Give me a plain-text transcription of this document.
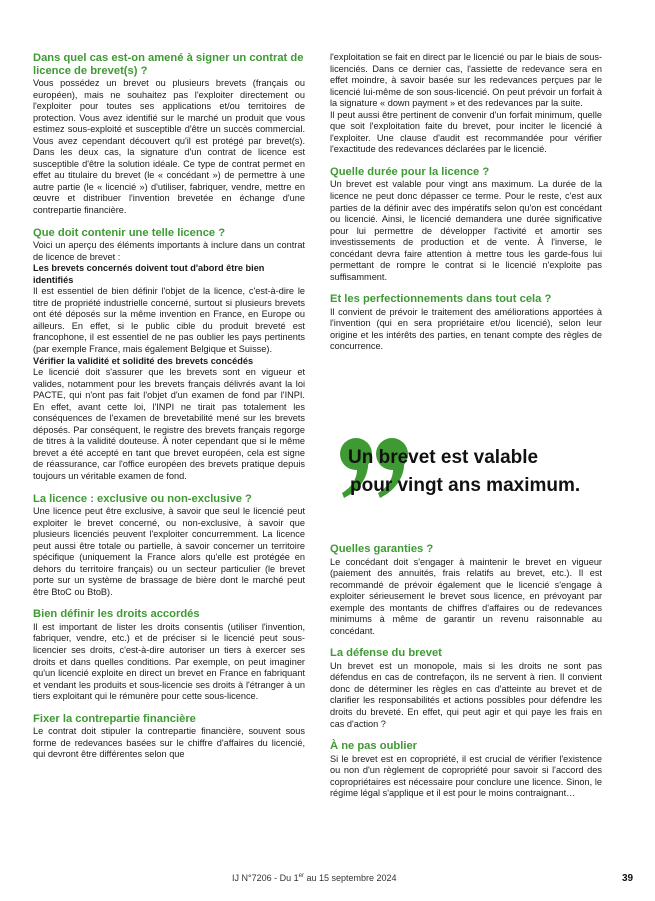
Dans quel cas est-on amené à signer un contrat de licence de brevet(s) ?

Vous possédez un brevet ou plusieurs brevets (français ou européen), mais ne souhaitez pas l'exploiter directement ou l'exploiter pour toutes ses applications et/ou territoires de protection. Vous avez identifié sur le marché un produit que vous estimez sous-exploité et susceptible d'être un succès commercial. Vous avez cependant découvert qu'il est protégé par brevet(s). Dans les deux cas, la signature d'un contrat de licence est susceptible d'être la solution idéale. Ce type de contrat permet en effet au titulaire du brevet (le « concédant ») de permettre à une autre partie (le « licencié ») d'utiliser, fabriquer, vendre, mettre en œuvre et distribuer l'invention brevetée en échange d'une contrepartie financière.

Que doit contenir une telle licence ?

Voici un aperçu des éléments importants à inclure dans un contrat de licence de brevet :

Les brevets concernés doivent tout d'abord être bien identifiés

Il est essentiel de bien définir l'objet de la licence, c'est-à-dire le titre de propriété industrielle concerné, surtout si plusieurs brevets ont été déposés sur la même invention en France, en Europe ou ailleurs. En effet, si le public cible du produit breveté est francophone, il est essentiel de ne pas oublier les pays pertinents (par exemple France, mais également Belgique et Suisse).

Vérifier la validité et solidité des brevets concédés

Le licencié doit s'assurer que les brevets sont en vigueur et valides, notamment pour les brevets français délivrés avant la loi PACTE, qui n'ont pas fait l'objet d'un examen de fond par l'INPI. En effet, avant cette loi, l'INPI ne tirait pas totalement les conséquences de l'examen de brevetabilité mené sur les brevets déposés. Par conséquent, le registre des brevets français regorge de titres à la validité douteuse. À noter cependant que si le même brevet a été accepté en tant que brevet européen, cela est signe de réassurance, car l'office européen des brevets pratique depuis toujours un véritable examen de fond.

La licence : exclusive ou non-exclusive ?

Une licence peut être exclusive, à savoir que seul le licencié peut exploiter le brevet concerné, ou non-exclusive, à savoir que plusieurs licenciés peuvent l'exploiter concurremment. La licence peut aussi être totale ou partielle, à savoir concerner un territoire spécifique (uniquement la France alors qu'elle est protégée en dehors du territoire français) ou un secteur particulier (le brevet porte sur un système de brassage de bière dont le marché peut être BtoC ou BtoB).

Bien définir les droits accordés

Il est important de lister les droits consentis (utiliser l'invention, fabriquer, vendre, etc.) et de préciser si le licencié peut sous-licencier ses droits, c'est-à-dire autoriser un tiers à exercer ses droits et dans quelles conditions. Par exemple, on peut imaginer qu'un licencié exploite en direct un brevet en France en fabriquant et vendant les produits et sous-licencie ses droits à l'étranger à un tiers exploitant qui le rémunère pour cette sous-licence.

Fixer la contrepartie financière

Le contrat doit stipuler la contrepartie financière, souvent sous forme de redevances basées sur le chiffre d'affaires du licencié, qui devront être différentes selon que

l'exploitation se fait en direct par le licencié ou par le biais de sous-licenciés. Dans ce dernier cas, l'assiette de redevance sera en effet moindre, à savoir basée sur les redevances perçues par le licencié lui-même de son sous-licencié. On peut prévoir un forfait à la signature « down payment » et des redevances par la suite.

Il peut aussi être pertinent de convenir d'un forfait minimum, quelle que soit l'exploitation faite du brevet, pour inciter le licencié à l'exploiter. Une clause d'audit est recommandée pour vérifier l'exactitude des redevances déclarées par le licencié.

Quelle durée pour la licence ?

Un brevet est valable pour vingt ans maximum. La durée de la licence ne peut donc dépasser ce terme. Pour le reste, c'est aux parties de la définir avec des impératifs selon qu'on est concédant ou licencié. Ainsi, le licencié demandera une durée significative pour lui permettre de développer l'activité et amortir ses investissements de production et de vente. À l'inverse, le concédant devra faire attention à mettre tous les garde-fous lui permettant de rompre le contrat si le licencié n'exploite pas suffisamment.

Et les perfectionnements dans tout cela ?

Il convient de prévoir le traitement des améliorations apportées à l'invention (qui en sera propriétaire et/ou licencié), selon leur origine et les intérêts des parties, en tenant compte des règles de concurrence.

Un brevet est valable
pour vingt ans maximum.
Quelles garanties ?

Le concédant doit s'engager à maintenir le brevet en vigueur (paiement des annuités, frais relatifs au brevet, etc.). Il est recommandé de prévoir également que le licencié s'engage à exploiter sérieusement le brevet sous licence, en prévoyant par exemple des montants de chiffres d'affaires ou de redevances minimums à même de garantir un revenu raisonnable au concédant.

La défense du brevet

Un brevet est un monopole, mais si les droits ne sont pas défendus en cas de contrefaçon, ils ne servent à rien. Il convient donc de déterminer les règles en cas d'atteinte au brevet et de clarifier les responsabilités et actions possibles pour défendre les droits du breveté. En effet, qui peut agir et qui paye les frais en cas d'action ?

À ne pas oublier

Si le brevet est en copropriété, il est crucial de vérifier l'existence ou non d'un règlement de copropriété pour savoir si l'accord des copropriétaires est nécessaire pour conclure une licence. Sinon, le régime légal s'applique et il est pour le moins contraignant…

IJ N°7206 - Du 1er au 15 septembre 2024	39
